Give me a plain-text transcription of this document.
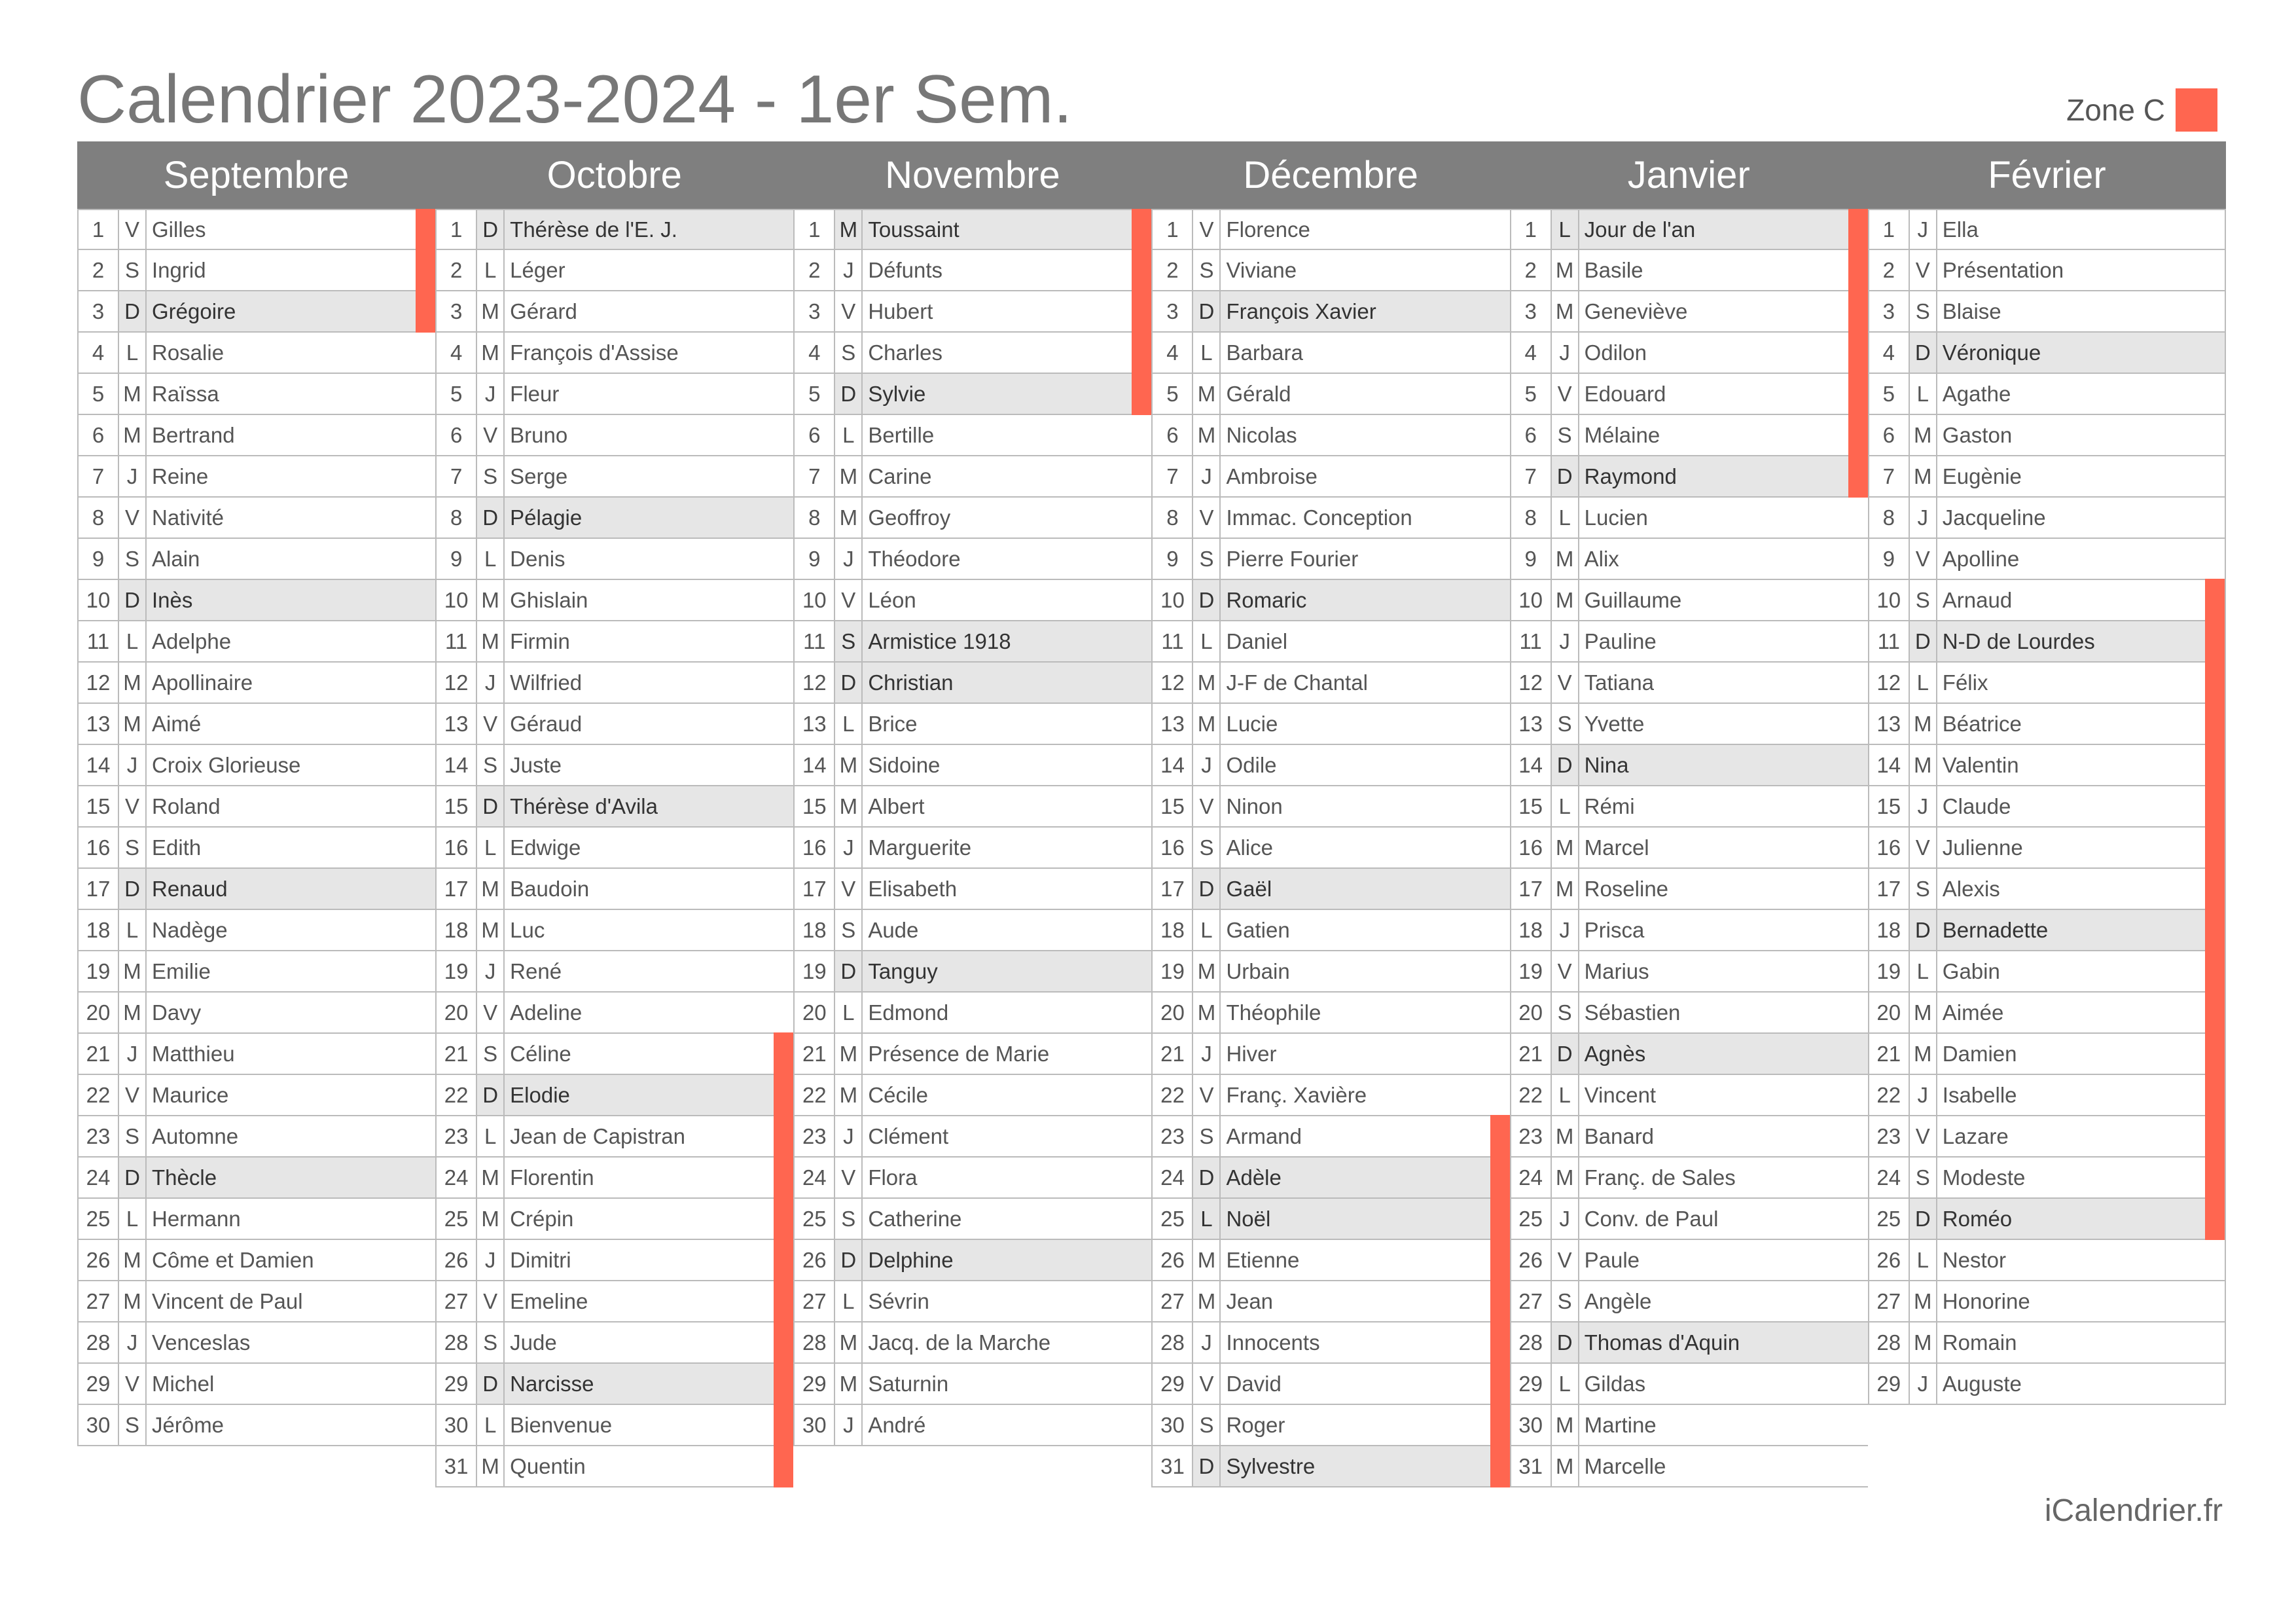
Calendrier 2023-2024 - 1er Sem.	Zone C
Septembre	Octobre	Novembre	Décembre	Janvier	Février
1 V Gilles
2 S Ingrid
3 D Grégoire
4	L Rosalie
5 M Raïssa
6 M Bertrand
7	J Reine
8 V Nativité
9 S Alain
10 D Inès
11 L Adelphe
12 M Apollinaire
13 M Aimé
14 J Croix Glorieuse
15 V Roland
16 S Edith
17 D Renaud
18 L Nadège
19 M Emilie
20 M Davy
21 J Matthieu
22 V Maurice
23 S Automne
24 D Thècle
25 L Hermann
26 M Côme et Damien
27 M Vincent de Paul
28 J Venceslas
29 V Michel
30 S Jérôme
1 D Thérèse de l'E. J.
2	L Léger
3 M Gérard
4 M François d'Assise
5	J Fleur
6 V Bruno
7 S Serge
8 D Pélagie
9	L Denis
10 M Ghislain
11 M Firmin
12 J Wilfried
13 V Géraud
14 S Juste
15 D Thérèse d'Avila
16 L Edwige
17 M Baudoin
18 M Luc
19 J René
20 V Adeline
21 S Céline
22 D Elodie
23 L Jean de Capistran
24 M Florentin
25 M Crépin
26 J Dimitri
27 V Emeline
28 S Jude
29 D Narcisse
30 L Bienvenue
31 M Quentin
1 M Toussaint
2	J Défunts
3 V Hubert
4 S Charles
5 D Sylvie
6	L Bertille
7 M Carine
8 M Geoffroy
9	J Théodore
10 V Léon
11 S Armistice 1918
12 D Christian
13 L Brice
14 M Sidoine
15 M Albert
16 J Marguerite
17 V Elisabeth
18 S Aude
19 D Tanguy
20 L Edmond
21 M Présence de Marie
22 M Cécile
23 J Clément
24 V Flora
25 S Catherine
26 D Delphine
27 L Sévrin
28 M Jacq. de la Marche
29 M Saturnin
30 J André
1 V Florence
2 S Viviane
3 D François Xavier
4	L Barbara
5 M Gérald
6 M Nicolas
7	J Ambroise
8 V Immac. Conception
9 S Pierre Fourier
10 D Romaric
11 L Daniel
12 M J-F de Chantal
13 M Lucie
14 J Odile
15 V Ninon
16 S Alice
17 D Gaël
18 L Gatien
19 M Urbain
20 M Théophile
21 J Hiver
22 V Franç. Xavière
23 S Armand
24 D Adèle
25 L Noël
26 M Etienne
27 M Jean
28 J Innocents
29 V David
30 S Roger
31 D Sylvestre
1	L Jour de l'an
2 M Basile
3 M Geneviève
4	J Odilon
5 V Edouard
6 S Mélaine
7 D Raymond
8	L Lucien
9 M Alix
10 M Guillaume
11 J Pauline
12 V Tatiana
13 S Yvette
14 D Nina
15 L Rémi
16 M Marcel
17 M Roseline
18 J Prisca
19 V Marius
20 S Sébastien
21 D Agnès
22 L Vincent
23 M Banard
24 M Franç. de Sales
25 J Conv. de Paul
26 V Paule
27 S Angèle
28 D Thomas d'Aquin
29 L Gildas
30 M Martine
31 M Marcelle
1	J Ella
2 V Présentation
3 S Blaise
4 D Véronique
5	L Agathe
6 M Gaston
7 M Eugènie
8	J Jacqueline
9 V Apolline
10 S Arnaud
11 D N-D de Lourdes
12 L Félix
13 M Béatrice
14 M Valentin
15 J Claude
16 V Julienne
17 S Alexis
18 D Bernadette
19 L Gabin
20 M Aimée
21 M Damien
22 J Isabelle
23 V Lazare
24 S Modeste
25 D Roméo
26 L Nestor
27 M Honorine
28 M Romain
29 J Auguste
iCalendrier.fr
